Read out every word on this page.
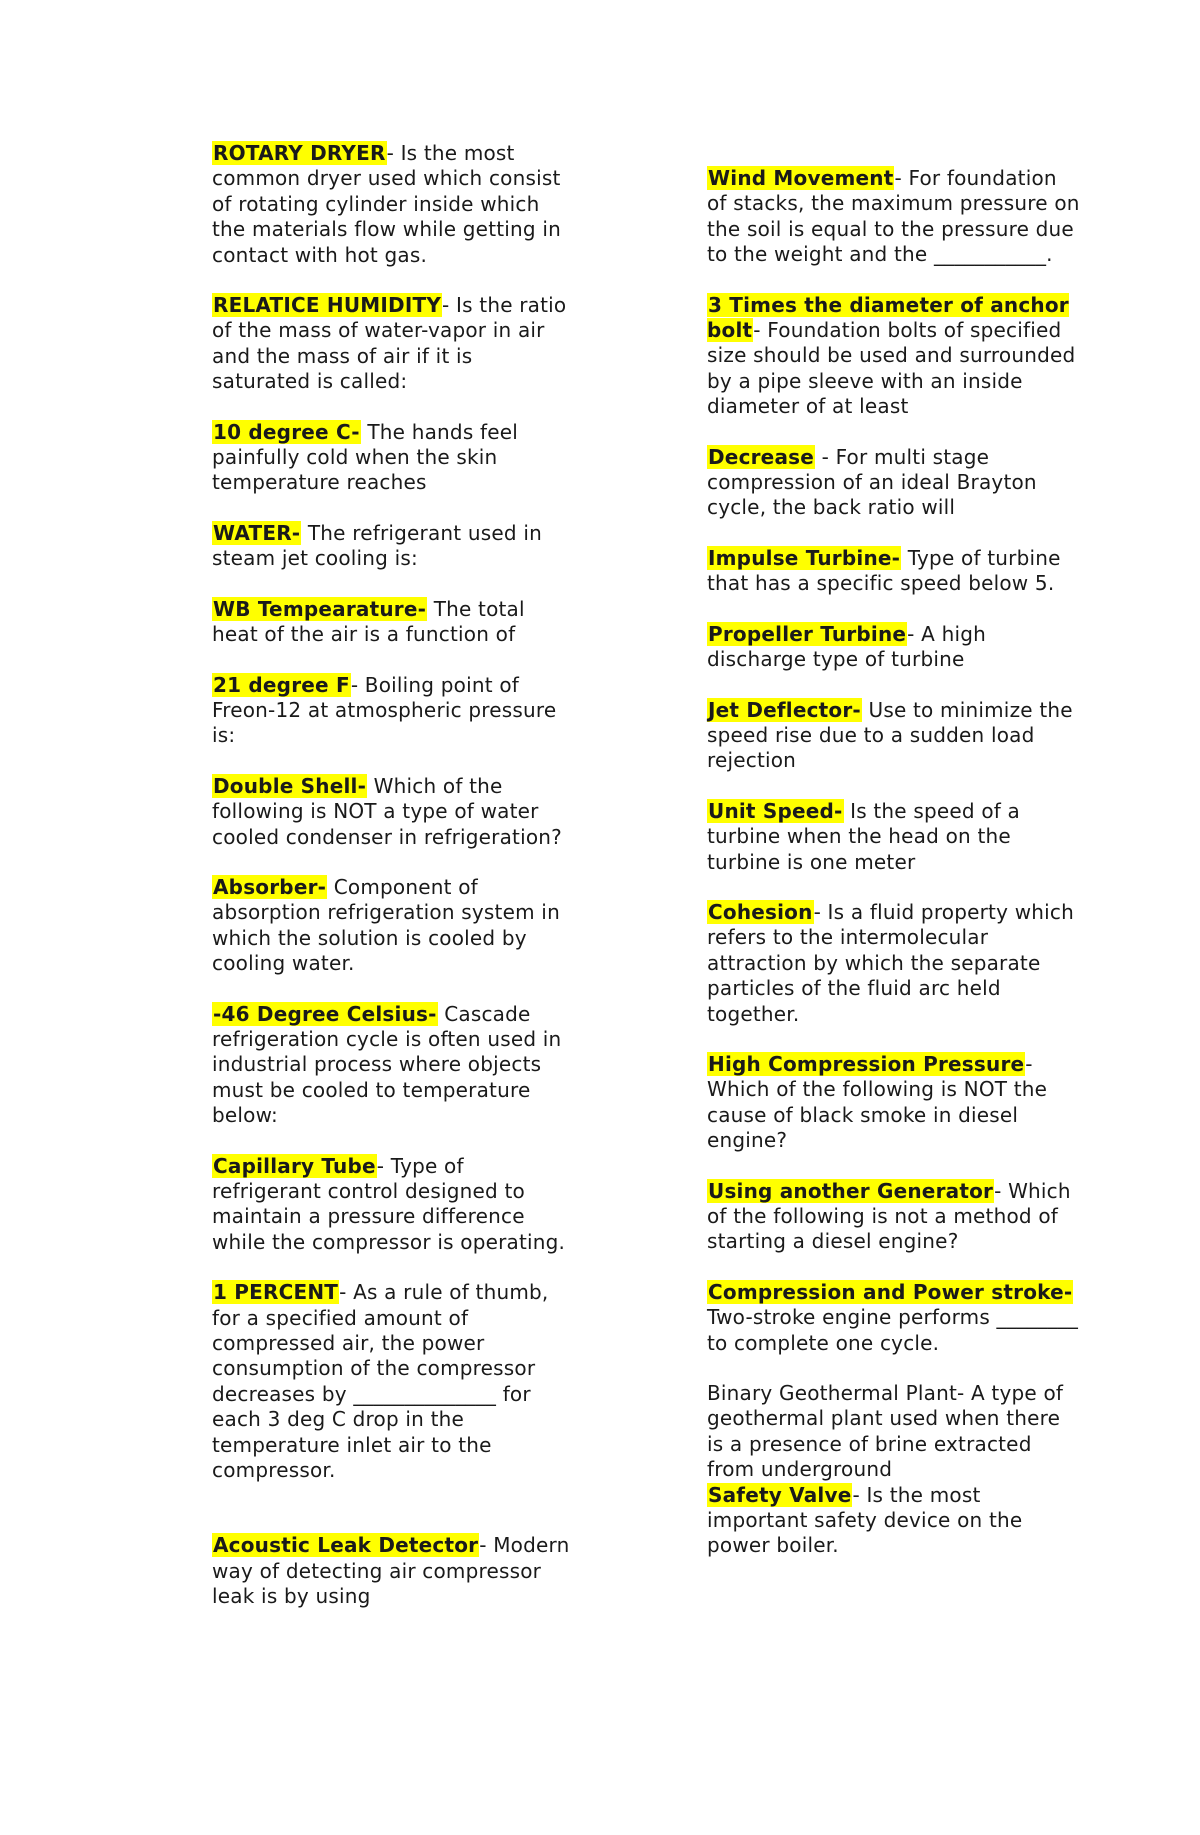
ROTARY DRYER- Is the most common dryer used which consist of rotating cylinder inside which the materials flow while getting in contact with hot gas.

RELATICE HUMIDITY- Is the ratio of the mass of water-vapor in air and the mass of air if it is saturated is called:

10 degree C- The hands feel painfully cold when the skin temperature reaches

WATER- The refrigerant used in steam jet cooling is:

WB Tempearature- The total heat of the air is a function of

21 degree F- Boiling point of Freon-12 at atmospheric pressure is:

Double Shell- Which of the following is NOT a type of water cooled condenser in refrigeration?

Absorber- Component of absorption refrigeration system in which the solution is cooled by cooling water.

-46 Degree Celsius- Cascade refrigeration cycle is often used in industrial process where objects must be cooled to temperature below:

Capillary Tube- Type of refrigerant control designed to maintain a pressure difference while the compressor is operating.

1 PERCENT- As a rule of thumb, for a specified amount of compressed air, the power consumption of the compressor decreases by ______________ for each 3 deg C drop in the temperature inlet air to the compressor.

Acoustic Leak Detector- Modern way of detecting air compressor leak is by using

Wind Movement- For foundation of stacks, the maximum pressure on the soil is equal to the pressure due to the weight and the ___________.

3 Times the diameter of anchor bolt- Foundation bolts of specified size should be used and surrounded by a pipe sleeve with an inside diameter of at least

Decrease - For multi stage compression of an ideal Brayton cycle, the back ratio will

Impulse Turbine- Type of turbine that has a specific speed below 5.

Propeller Turbine- A high discharge type of turbine

Jet Deflector- Use to minimize the speed rise due to a sudden load rejection

Unit Speed- Is the speed of a turbine when the head on the turbine is one meter

Cohesion- Is a fluid property which refers to the intermolecular attraction by which the separate particles of the fluid arc held together.

High Compression Pressure- Which of the following is NOT the cause of black smoke in diesel engine?

Using another Generator- Which of the following is not a method of starting a diesel engine?

Compression and Power stroke- Two-stroke engine performs ________ to complete one cycle.

Binary Geothermal Plant- A type of geothermal plant used when there is a presence of brine extracted from underground

Safety Valve- Is the most important safety device on the power boiler.
